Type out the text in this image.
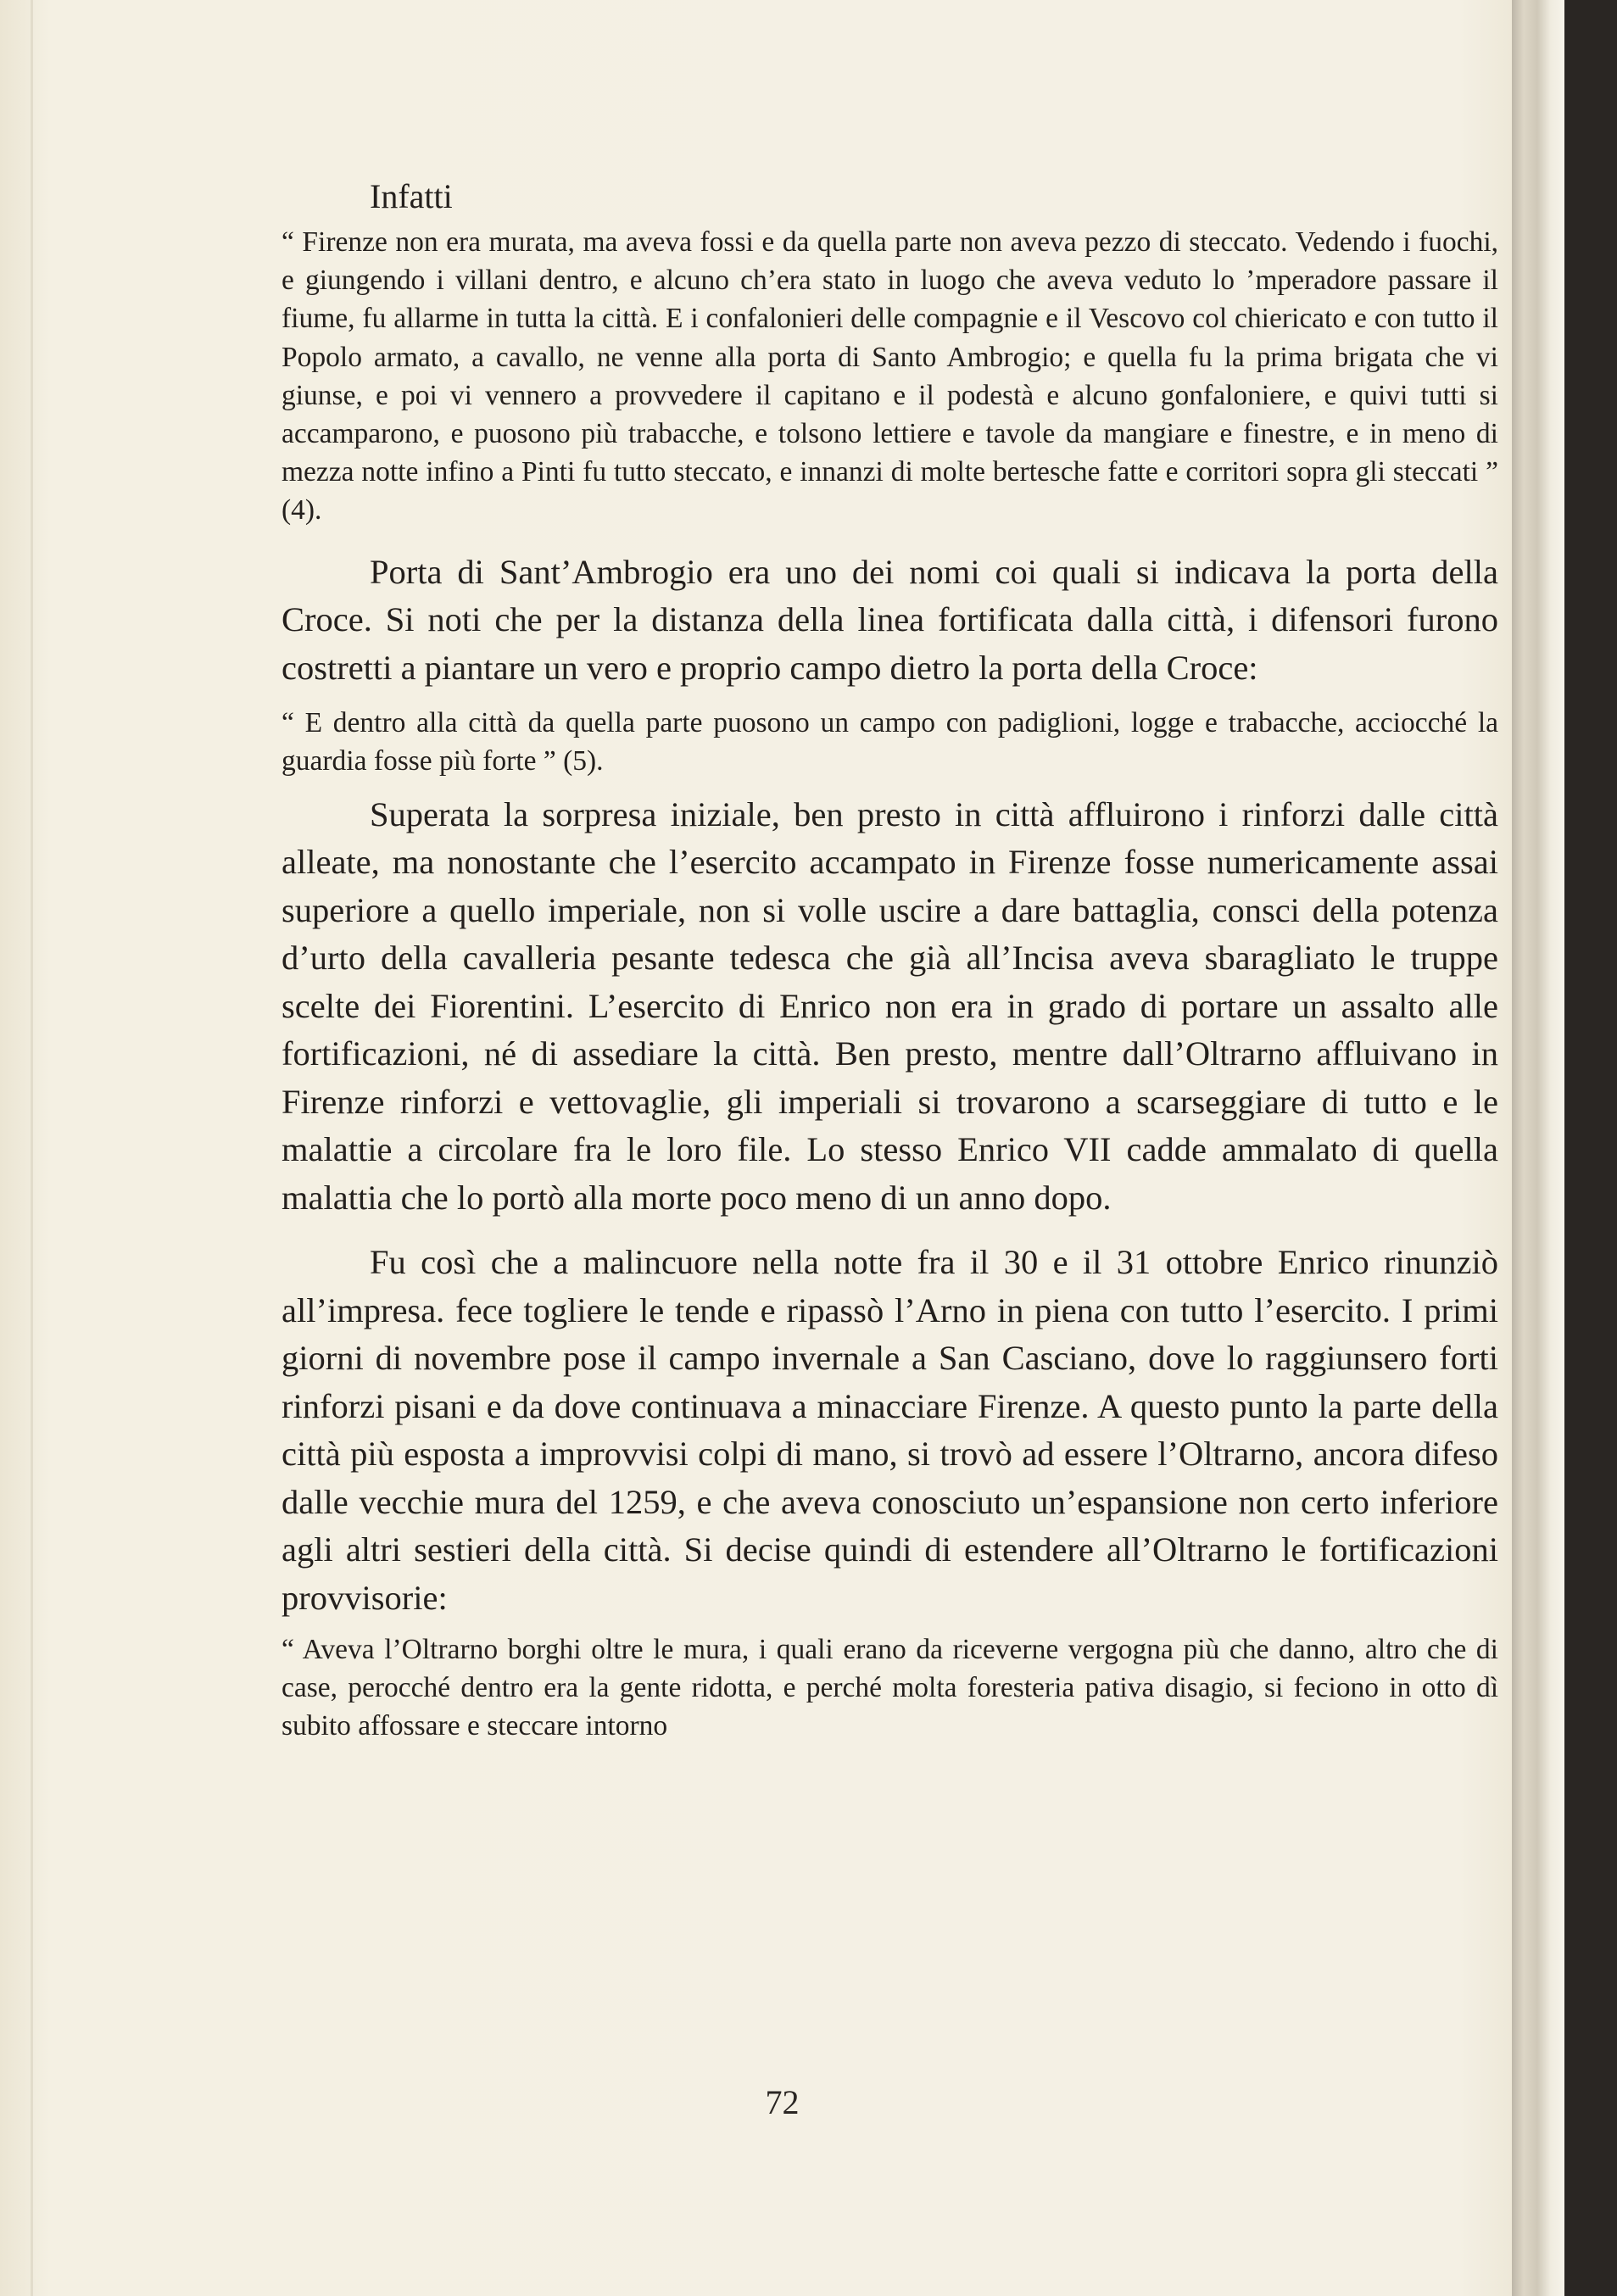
Infatti

“ Firenze non era murata, ma aveva fossi e da quella parte non aveva pezzo di steccato. Vedendo i fuochi, e giungendo i villani dentro, e alcuno ch’era stato in luogo che aveva veduto lo ’mperadore passare il fiume, fu allarme in tutta la città. E i confalonieri delle compagnie e il Vescovo col chiericato e con tutto il Popolo armato, a cavallo, ne venne alla porta di Santo Ambrogio; e quella fu la prima brigata che vi giunse, e poi vi vennero a provvedere il capitano e il podestà e alcuno gonfaloniere, e quivi tutti si accamparono, e puosono più trabacche, e tolsono lettiere e tavole da mangiare e finestre, e in meno di mezza notte infino a Pinti fu tutto steccato, e innanzi di molte bertesche fatte e corritori sopra gli steccati ” (4).

Porta di Sant’Ambrogio era uno dei nomi coi quali si indicava la porta della Croce. Si noti che per la distanza della linea fortificata dalla città, i difensori furono costretti a piantare un vero e proprio campo dietro la porta della Croce:

“ E dentro alla città da quella parte puosono un campo con padiglioni, logge e trabacche, acciocché la guardia fosse più forte ” (5).

Superata la sorpresa iniziale, ben presto in città affluirono i rinforzi dalle città alleate, ma nonostante che l’esercito accampato in Firenze fosse numericamente assai superiore a quello imperiale, non si volle uscire a dare battaglia, consci della potenza d’urto della cavalleria pesante tedesca che già all’Incisa aveva sbaragliato le truppe scelte dei Fiorentini. L’esercito di Enrico non era in grado di portare un assalto alle fortificazioni, né di assediare la città. Ben presto, mentre dall’Oltrarno affluivano in Firenze rinforzi e vettovaglie, gli imperiali si trovarono a scarseggiare di tutto e le malattie a circolare fra le loro file. Lo stesso Enrico VII cadde ammalato di quella malattia che lo portò alla morte poco meno di un anno dopo.

Fu così che a malincuore nella notte fra il 30 e il 31 ottobre Enrico rinunziò all’impresa. fece togliere le tende e ripassò l’Arno in piena con tutto l’esercito. I primi giorni di novembre pose il campo invernale a San Casciano, dove lo raggiunsero forti rinforzi pisani e da dove continuava a minacciare Firenze. A questo punto la parte della città più esposta a improvvisi colpi di mano, si trovò ad essere l’Oltrarno, ancora difeso dalle vecchie mura del 1259, e che aveva conosciuto un’espansione non certo inferiore agli altri sestieri della città. Si decise quindi di estendere all’Oltrarno le fortificazioni provvisorie:

“ Aveva l’Oltrarno borghi oltre le mura, i quali erano da riceverne vergogna più che danno, altro che di case, perocché dentro era la gente ridotta, e perché molta foresteria pativa disagio, si feciono in otto dì subito affossare e steccare intorno

72
